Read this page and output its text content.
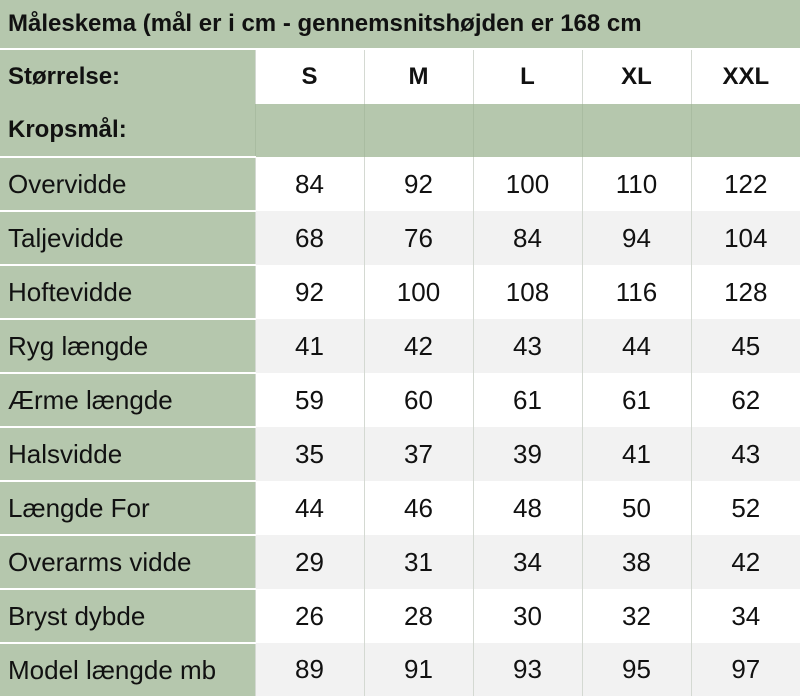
Måleskema (mål er i cm - gennemsnitshøjden er 168 cm					
Størrelse:	S	M	L	XL	XXL
Kropsmål:					
Overvidde	84	92	100	110	122
Taljevidde	68	76	84	94	104
Hoftevidde	92	100	108	116	128
Ryg længde	41	42	43	44	45
Ærme længde	59	60	61	61	62
Halsvidde	35	37	39	41	43
Længde For	44	46	48	50	52
Overarms vidde	29	31	34	38	42
Bryst dybde	26	28	30	32	34
Model længde mb	89	91	93	95	97
